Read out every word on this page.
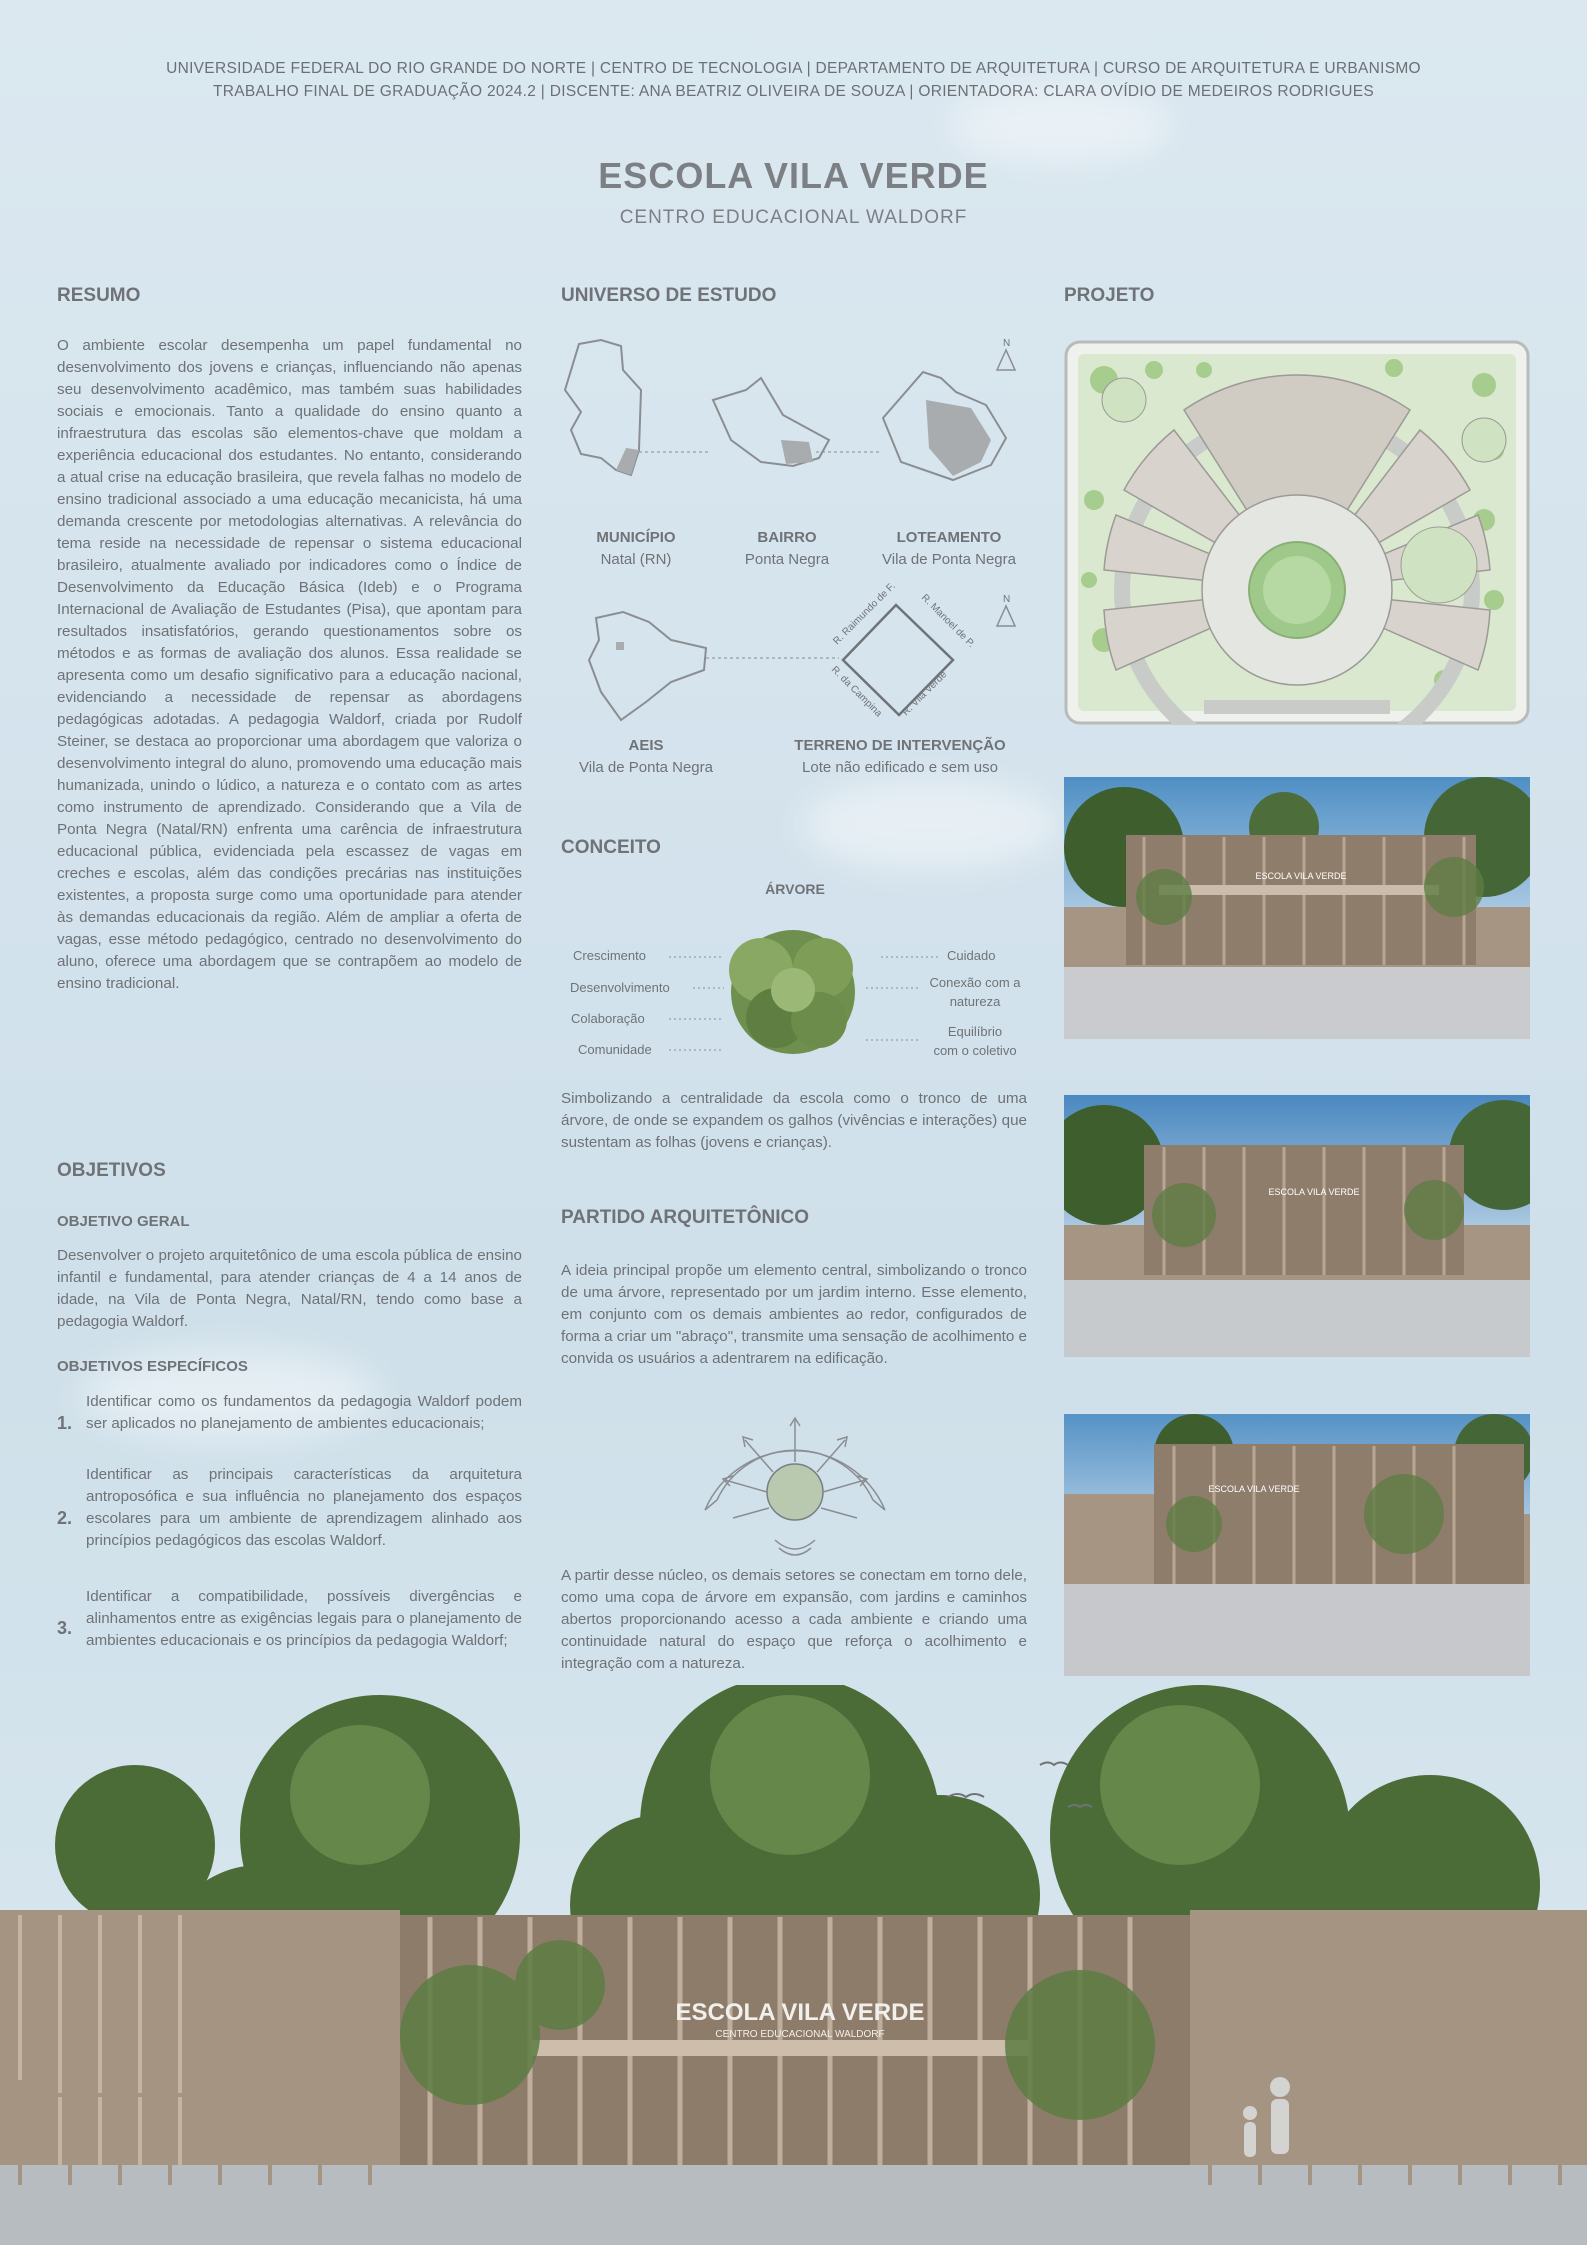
UNIVERSIDADE FEDERAL DO RIO GRANDE DO NORTE | CENTRO DE TECNOLOGIA | DEPARTAMENTO DE ARQUITETURA | CURSO DE ARQUITETURA E URBANISMO
TRABALHO FINAL DE GRADUAÇÃO 2024.2 | DISCENTE: ANA BEATRIZ OLIVEIRA DE SOUZA | ORIENTADORA: CLARA OVÍDIO DE MEDEIROS RODRIGUES
ESCOLA VILA VERDE
CENTRO EDUCACIONAL WALDORF
RESUMO
O ambiente escolar desempenha um papel fundamental no desenvolvimento dos jovens e crianças, influenciando não apenas seu desenvolvimento acadêmico, mas também suas habilidades sociais e emocionais. Tanto a qualidade do ensino quanto a infraestrutura das escolas são elementos-chave que moldam a experiência educacional dos estudantes. No entanto, considerando a atual crise na educação brasileira, que revela falhas no modelo de ensino tradicional associado a uma educação mecanicista, há uma demanda crescente por metodologias alternativas. A relevância do tema reside na necessidade de repensar o sistema educacional brasileiro, atualmente avaliado por indicadores como o Índice de Desenvolvimento da Educação Básica (Ideb) e o Programa Internacional de Avaliação de Estudantes (Pisa), que apontam para resultados insatisfatórios, gerando questionamentos sobre os métodos e as formas de avaliação dos alunos. Essa realidade se apresenta como um desafio significativo para a educação nacional, evidenciando a necessidade de repensar as abordagens pedagógicas adotadas. A pedagogia Waldorf, criada por Rudolf Steiner, se destaca ao proporcionar uma abordagem que valoriza o desenvolvimento integral do aluno, promovendo uma educação mais humanizada, unindo o lúdico, a natureza e o contato com as artes como instrumento de aprendizado. Considerando que a Vila de Ponta Negra (Natal/RN) enfrenta uma carência de infraestrutura educacional pública, evidenciada pela escassez de vagas em creches e escolas, além das condições precárias nas instituições existentes, a proposta surge como uma oportunidade para atender às demandas educacionais da região. Além de ampliar a oferta de vagas, esse método pedagógico, centrado no desenvolvimento do aluno, oferece uma abordagem que se contrapõem ao modelo de ensino tradicional.
OBJETIVOS
OBJETIVO GERAL
Desenvolver o projeto arquitetônico de uma escola pública de ensino infantil e fundamental, para atender crianças de 4 a 14 anos de idade, na Vila de Ponta Negra, Natal/RN, tendo como base a pedagogia Waldorf.
OBJETIVOS ESPECÍFICOS
1.
Identificar como os fundamentos da pedagogia Waldorf podem ser aplicados no planejamento de ambientes educacionais;
2.
Identificar as principais características da arquitetura antroposófica e sua influência no planejamento dos espaços escolares para um ambiente de aprendizagem alinhado aos princípios pedagógicos das escolas Waldorf.
3.
Identificar a compatibilidade, possíveis divergências e alinhamentos entre as exigências legais para o planejamento de ambientes educacionais e os princípios da pedagogia Waldorf;
UNIVERSO DE ESTUDO
N
N
R. Raimundo de F. R. Manoel de P.
R. da Campina R. Vila Verde
MUNICÍPIO
Natal (RN)
BAIRRO
Ponta Negra
LOTEAMENTO
Vila de Ponta Negra
AEIS
Vila de Ponta Negra
TERRENO DE INTERVENÇÃO
Lote não edificado e sem uso
CONCEITO
ÁRVORE
Crescimento
Desenvolvimento
Colaboração
Comunidade
Cuidado
Conexão com a
natureza
Equilíbrio
com o coletivo
Simbolizando a centralidade da escola como o tronco de uma árvore, de onde se expandem os galhos (vivências e interações) que sustentam as folhas (jovens e crianças).
PARTIDO ARQUITETÔNICO
A ideia principal propõe um elemento central, simbolizando o tronco de uma árvore, representado por um jardim interno. Esse elemento, em conjunto com os demais ambientes ao redor, configurados de forma a criar um "abraço", transmite uma sensação de acolhimento e convida os usuários a adentrarem na edificação.
A partir desse núcleo, os demais setores se conectam em torno dele, como uma copa de árvore em expansão, com jardins e caminhos abertos proporcionando acesso a cada ambiente e criando uma continuidade natural do espaço que reforça o acolhimento e integração com a natureza.
PROJETO
ESCOLA VILA VERDE
ESCOLA VILA VERDE
ESCOLA VILA VERDE
ESCOLA VILA VERDE
CENTRO EDUCACIONAL WALDORF
